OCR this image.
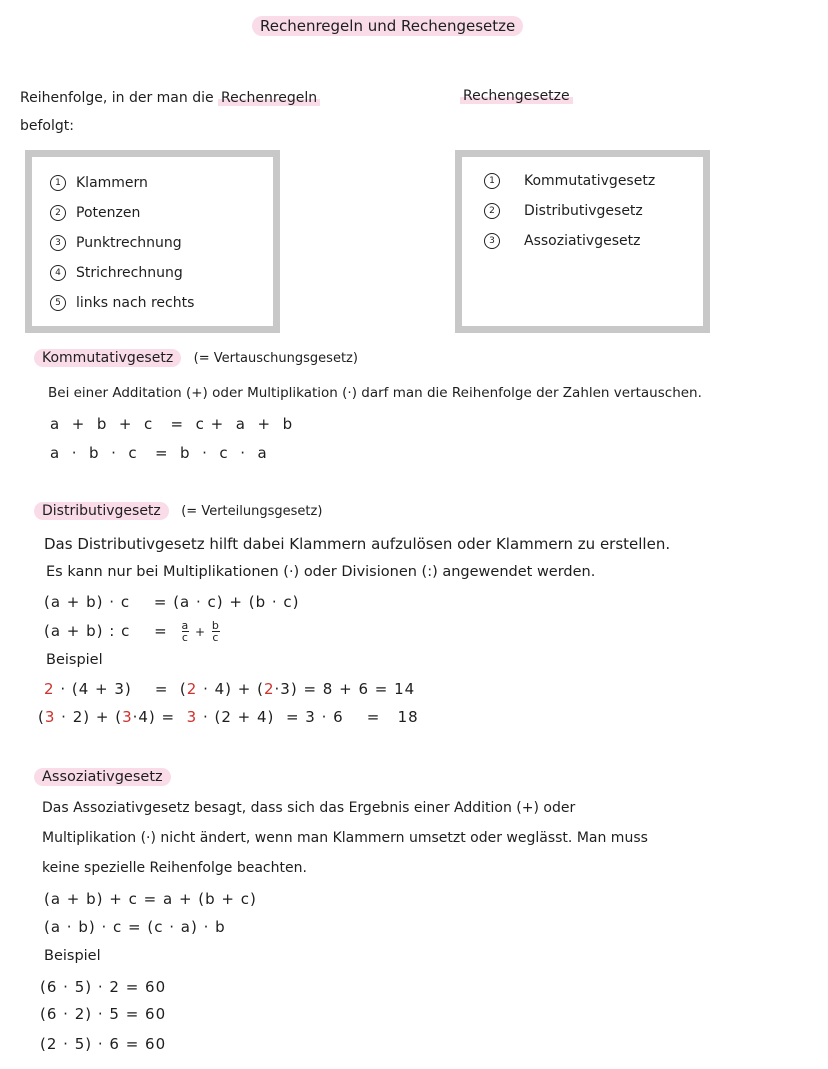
Rechenregeln und Rechengesetze
Reihenfolge, in der man die Rechenregeln
befolgt:
Rechengesetze
1 Klammern
2 Potenzen
3 Punktrechnung
4 Strichrechnung
5 links nach rechts
1 Kommutativgesetz
2 Distributivgesetz
3 Assoziativgesetz
Kommutativgesetz (= Vertauschungsgesetz)
Bei einer Additation (+) oder Multiplikation (·) darf man die Reihenfolge der Zahlen vertauschen.
a  +  b  +  c   =  c +  a  +  b
a  ·  b  ·  c   =  b  ·  c  ·  a
Distributivgesetz (= Verteilungsgesetz)
Das Distributivgesetz hilft dabei Klammern aufzulösen oder Klammern zu erstellen.
Es kann nur bei Multiplikationen (·) oder Divisionen (:) angewendet werden.
(a + b) · c = (a · c) + (b · c)
(a + b) : $c = \frac{a}{c} + \frac{b}{c}$
Beispiel
2 · (4 + 3)    =  (2 · 4) + (2·3) = 8 + 6 = 14
(3 · 2) + (3·4) =  3 · (2 + 4)  = 3 · 6    =   18
Assoziativgesetz
Das Assoziativgesetz besagt, dass sich das Ergebnis einer Addition (+) oder
Multiplikation (·) nicht ändert, wenn man Klammern umsetzt oder weglässt. Man muss
keine spezielle Reihenfolge beachten.
(a + b) + c = a + (b + c)
(a · b) · c = (c · a) · b
Beispiel
(6 · 5) · 2 = 60
(6 · 2) · 5 = 60
(2 · 5) · 6 = 60
